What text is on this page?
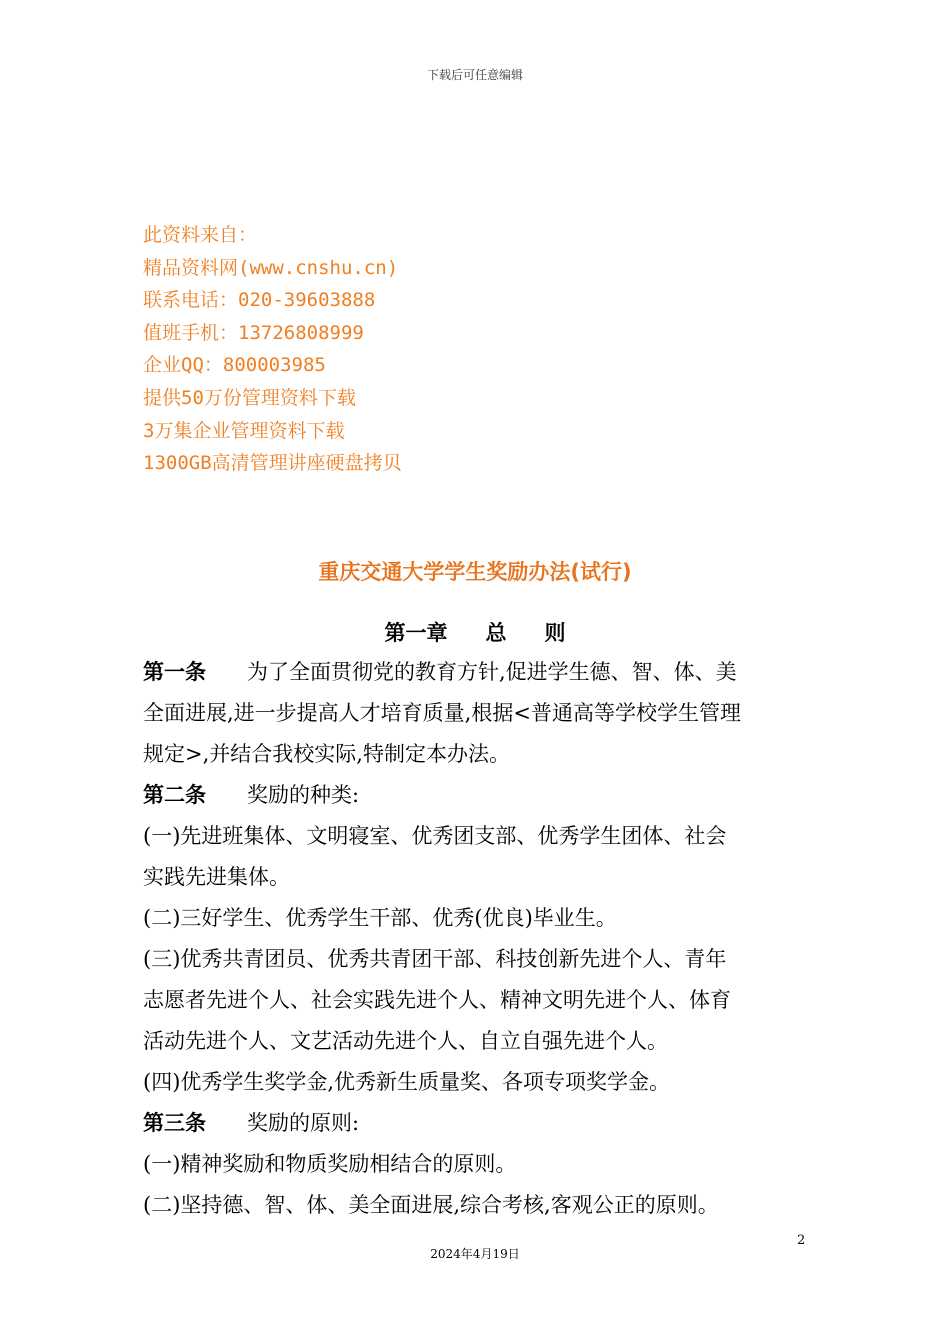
下载后可任意编辑
此资料来自：
精品资料网(www.cnshu.cn)
联系电话：020-39603888
值班手机：13726808999
企业QQ：800003985
提供50万份管理资料下载
3万集企业管理资料下载
1300GB高清管理讲座硬盘拷贝
重庆交通大学学生奖励办法(试行)
第一章 总 则
第一条 为了全面贯彻党的教育方针,促进学生德、智、体、美
全面进展,进一步提高人才培育质量,根据<普通高等学校学生管理
规定>,并结合我校实际,特制定本办法。
第二条 奖励的种类:
(一)先进班集体、文明寝室、优秀团支部、优秀学生团体、社会
实践先进集体。
(二)三好学生、优秀学生干部、优秀(优良)毕业生。
(三)优秀共青团员、优秀共青团干部、科技创新先进个人、青年
志愿者先进个人、社会实践先进个人、精神文明先进个人、体育
活动先进个人、文艺活动先进个人、自立自强先进个人。
(四)优秀学生奖学金,优秀新生质量奖、各项专项奖学金。
第三条 奖励的原则:
(一)精神奖励和物质奖励相结合的原则。
(二)坚持德、智、体、美全面进展,综合考核,客观公正的原则。
2
2024年4月19日
